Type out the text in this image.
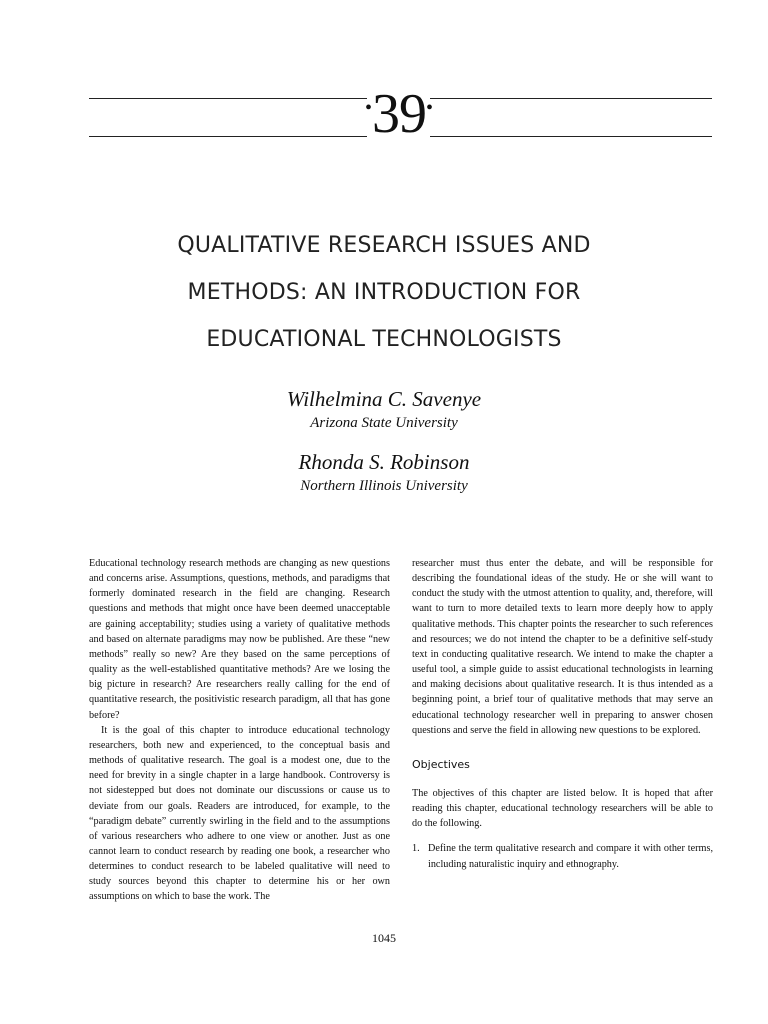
•39•
QUALITATIVE RESEARCH ISSUES AND
METHODS: AN INTRODUCTION FOR
EDUCATIONAL TECHNOLOGISTS
Wilhelmina C. Savenye
Arizona State University
Rhonda S. Robinson
Northern Illinois University

Educational technology research methods are changing as new questions and concerns arise. Assumptions, questions, methods, and paradigms that formerly dominated research in the field are changing. Research questions and methods that might once have been deemed unacceptable are gaining acceptability; studies using a variety of qualitative methods and based on alternate paradigms may now be published. Are these “new methods” really so new? Are they based on the same perceptions of quality as the well-established quantitative methods? Are we losing the big picture in research? Are researchers really calling for the end of quantitative research, the positivistic research paradigm, all that has gone before?

It is the goal of this chapter to introduce educational technology researchers, both new and experienced, to the conceptual basis and methods of qualitative research. The goal is a modest one, due to the need for brevity in a single chapter in a large handbook. Controversy is not sidestepped but does not dominate our discussions or cause us to deviate from our goals. Readers are introduced, for example, to the “paradigm debate” currently swirling in the field and to the assumptions of various researchers who adhere to one view or another. Just as one cannot learn to conduct research by reading one book, a researcher who determines to conduct research to be labeled qualitative will need to study sources beyond this chapter to determine his or her own assumptions on which to base the work. The

researcher must thus enter the debate, and will be responsible for describing the foundational ideas of the study. He or she will want to conduct the study with the utmost attention to quality, and, therefore, will want to turn to more detailed texts to learn more deeply how to apply qualitative methods. This chapter points the researcher to such references and resources; we do not intend the chapter to be a definitive self-study text in conducting qualitative research. We intend to make the chapter a useful tool, a simple guide to assist educational technologists in learning and making decisions about qualitative research. It is thus intended as a beginning point, a brief tour of qualitative methods that may serve an educational technology researcher well in preparing to answer chosen questions and serve the field in allowing new questions to be explored.

Objectives

The objectives of this chapter are listed below. It is hoped that after reading this chapter, educational technology researchers will be able to do the following.

1. Define the term qualitative research and compare it with other terms, including naturalistic inquiry and ethnography.
1045
